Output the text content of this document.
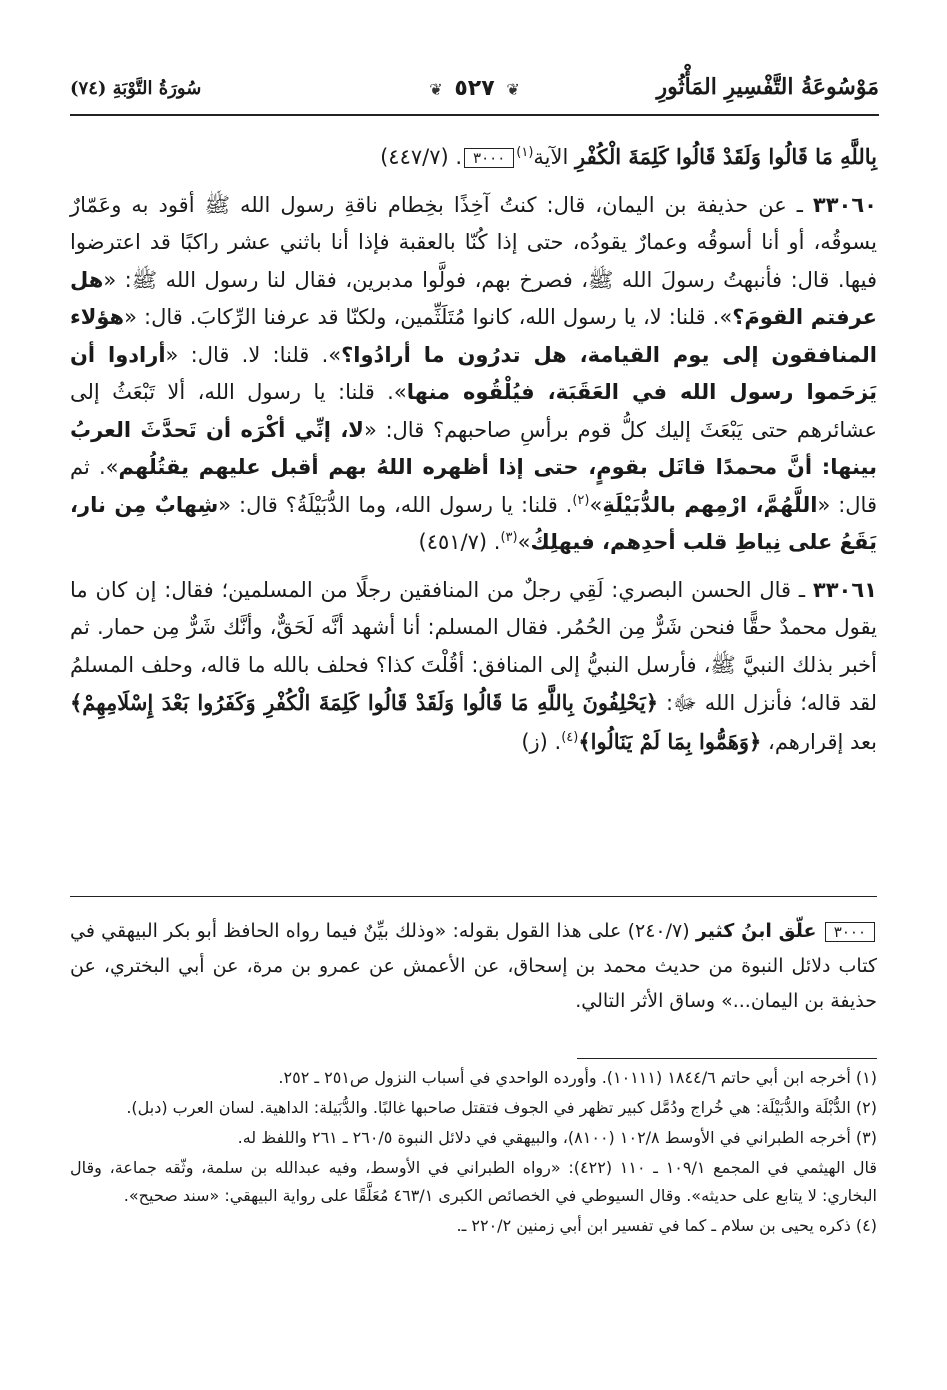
مَوْسُوعَةُ التَّفْسِيرِ المَأْثُورِ
❦ ٥٢٧ ❦
سُورَةُ التَّوْبَةِ (٧٤)

بِاللَّهِ مَا قَالُوا وَلَقَدْ قَالُوا كَلِمَةَ الْكُفْرِ الآية$^{(١)}$٣٠٠٠. (٤٤٧/٧)

٣٣٠٦٠ ـ عن حذيفة بن اليمان، قال: كنتُ آخِذًا بخِطام ناقةِ رسول الله ﷺ أقود به وعَمّارٌ يسوقُه، أو أنا أسوقُه وعمارٌ يقودُه، حتى إذا كُنّا بالعقبة فإذا أنا باثني عشر راكبًا قد اعترضوا فيها. قال: فأنبهتُ رسولَ الله ﷺ، فصرخ بهم، فولَّوا مدبرين، فقال لنا رسول الله ﷺ: «هل عرفتم القومَ؟». قلنا: لا، يا رسول الله، كانوا مُتَلَثِّمين، ولكنّا قد عرفنا الرِّكابَ. قال: «هؤلاء المنافقون إلى يوم القيامة، هل تدرُون ما أرادُوا؟». قلنا: لا. قال: «أرادوا أن يَزحَموا رسول الله في العَقَبَة، فيُلْقُوه منها». قلنا: يا رسول الله، ألا تَبْعَثُ إلى عشائرهم حتى يَبْعَثَ إليك كلُّ قوم برأسِ صاحبهم؟ قال: «لا، إنِّي أكْرَه أن تَحدَّثَ العربُ بينها: أنَّ محمدًا قاتَل بقومٍ، حتى إذا أظهره اللهُ بهم أقبل عليهم يقتُلُهم». ثم قال: «اللَّهُمَّ، ارْمِهم بالدُّبَيْلَةِ»$^{(٢)}$. قلنا: يا رسول الله، وما الدُّبَيْلَةُ؟ قال: «شِهابٌ مِن نار، يَقَعُ على نِياطِ قلب أحدِهم، فيهلِكُ»$^{(٣)}$. (٤٥١/٧)

٣٣٠٦١ ـ قال الحسن البصري: لَقِي رجلٌ من المنافقين رجلًا من المسلمين؛ فقال: إن كان ما يقول محمدٌ حقًّا فنحن شَرٌّ مِن الحُمُر. فقال المسلم: أنا أشهد أنَّه لَحَقٌّ، وأنَّك شَرٌّ مِن حمار. ثم أخبر بذلك النبيَّ ﷺ، فأرسل النبيُّ إلى المنافق: أقُلْتَ كذا؟ فحلف بالله ما قاله، وحلف المسلمُ لقد قاله؛ فأنزل الله ﷻ: ﴿يَحْلِفُونَ بِاللَّهِ مَا قَالُوا وَلَقَدْ قَالُوا كَلِمَةَ الْكُفْرِ وَكَفَرُوا بَعْدَ إِسْلَامِهِمْ﴾ بعد إقرارهم، ﴿وَهَمُّوا بِمَا لَمْ يَنَالُوا﴾$^{(٤)}$. (ز)

٣٠٠٠ علّق ابنُ كثير (٢٤٠/٧) على هذا القول بقوله: «وذلك بيِّنٌ فيما رواه الحافظ أبو بكر البيهقي في كتاب دلائل النبوة من حديث محمد بن إسحاق، عن الأعمش عن عمرو بن مرة، عن أبي البختري، عن حذيفة بن اليمان...» وساق الأثر التالي.

(١) أخرجه ابن أبي حاتم ١٨٤٤/٦ (١٠١١١). وأورده الواحدي في أسباب النزول ص٢٥١ ـ ٢٥٢.

(٢) الدُّبْلَة والدُّبَيْلَة: هي خُراج ودُمَّل كبير تظهر في الجوف فتقتل صاحبها غالبًا. والدُّبَيلة: الداهية. لسان العرب (دبل).

(٣) أخرجه الطبراني في الأوسط ١٠٢/٨ (٨١٠٠)، والبيهقي في دلائل النبوة ٢٦٠/٥ ـ ٢٦١ واللفظ له.

قال الهيثمي في المجمع ١٠٩/١ ـ ١١٠ (٤٢٢): «رواه الطبراني في الأوسط، وفيه عبدالله بن سلمة، وثّقه جماعة، وقال البخاري: لا يتابع على حديثه». وقال السيوطي في الخصائص الكبرى ٤٦٣/١ مُعَلَّقًا على رواية البيهقي: «سند صحيح».

(٤) ذكره يحيى بن سلام ـ كما في تفسير ابن أبي زمنين ٢٢٠/٢ ـ.
